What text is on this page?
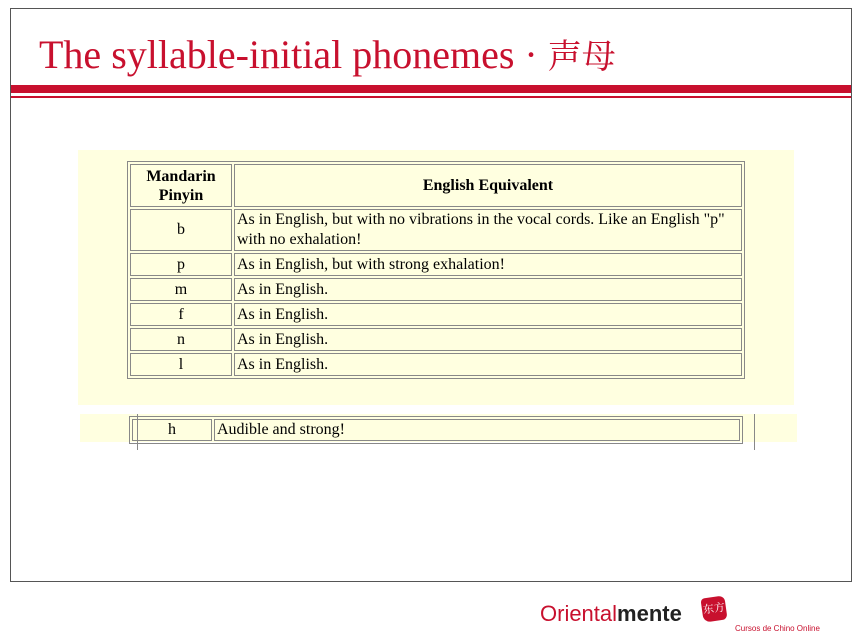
The syllable-initial phonemes · 声母
Mandarin Pinyin	English Equivalent
b	As in English, but with no vibrations in the vocal cords. Like an English "p" with no exhalation!
p	As in English, but with strong exhalation!
m	As in English.
f	As in English.
n	As in English.
l	As in English.
h	Audible and strong!
Orientalmente 东方
Cursos de Chino Online
